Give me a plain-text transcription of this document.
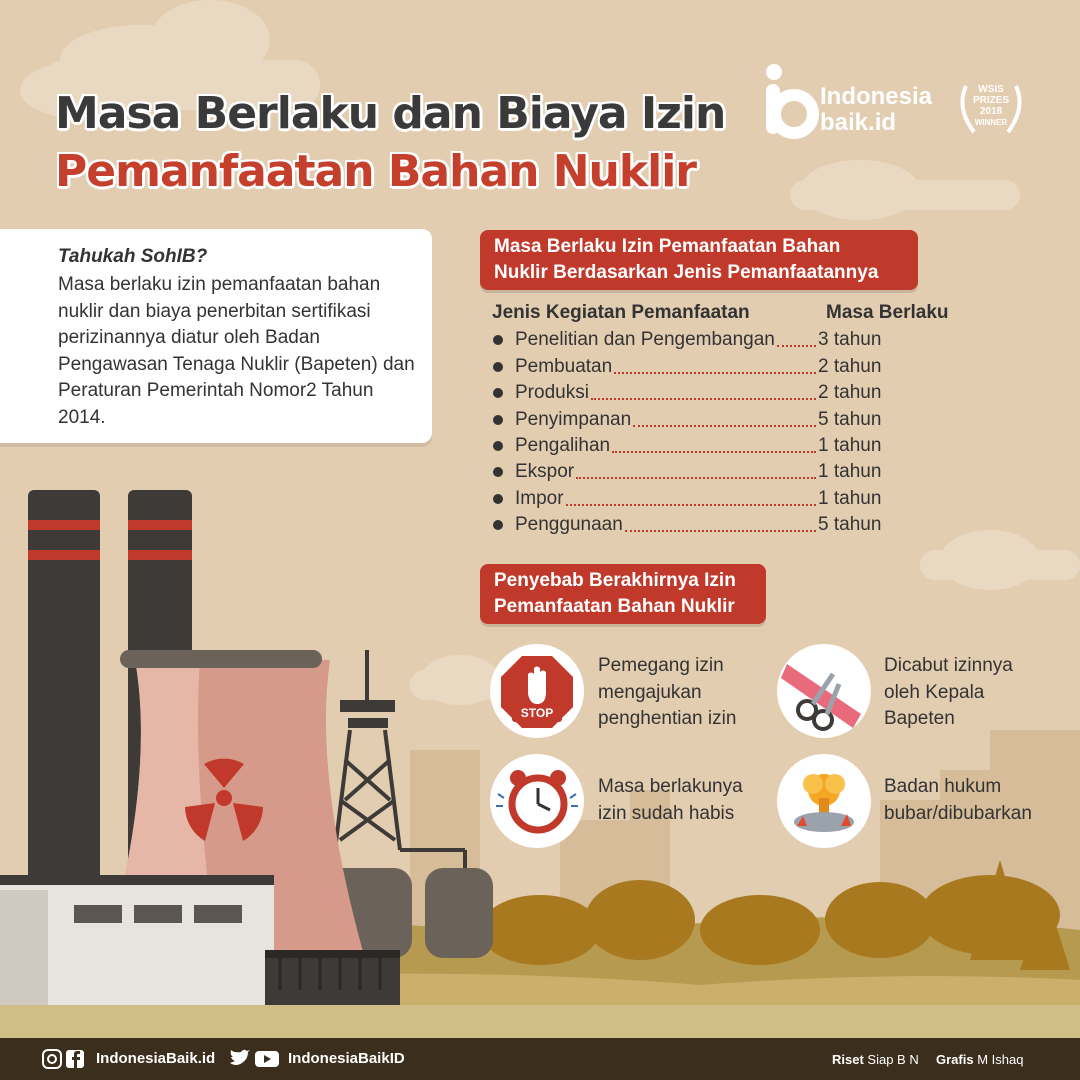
Masa Berlaku dan Biaya Izin
Pemanfaatan Bahan Nuklir
Indonesia
baik.id
WSIS
PRIZES
2018
WINNER
Tahukah SohIB?
Masa berlaku izin pemanfaatan bahan nuklir dan biaya penerbitan sertifikasi perizinannya diatur oleh Badan Pengawasan Tenaga Nuklir (Bapeten) dan Peraturan Pemerintah Nomor2 Tahun 2014.
Masa Berlaku Izin Pemanfaatan Bahan
Nuklir Berdasarkan Jenis Pemanfaatannya
Jenis Kegiatan Pemanfaatan	Masa Berlaku
Penelitian dan Pengembangan 3 tahun
Pembuatan	2 tahun
Produksi	2 tahun
Penyimpanan	5 tahun
Pengalihan	1 tahun
Ekspor	1 tahun
Impor	1 tahun
Penggunaan	5 tahun
Penyebab Berakhirnya Izin
Pemanfaatan Bahan Nuklir
STOP
Pemegang izin
mengajukan
penghentian izin
Dicabut izinnya
oleh Kepala
Bapeten
Masa berlakunya
izin sudah habis
Badan hukum
bubar/dibubarkan
IndonesiaBaik.id	IndonesiaBaikID	Riset Siap B N Grafis M Ishaq
